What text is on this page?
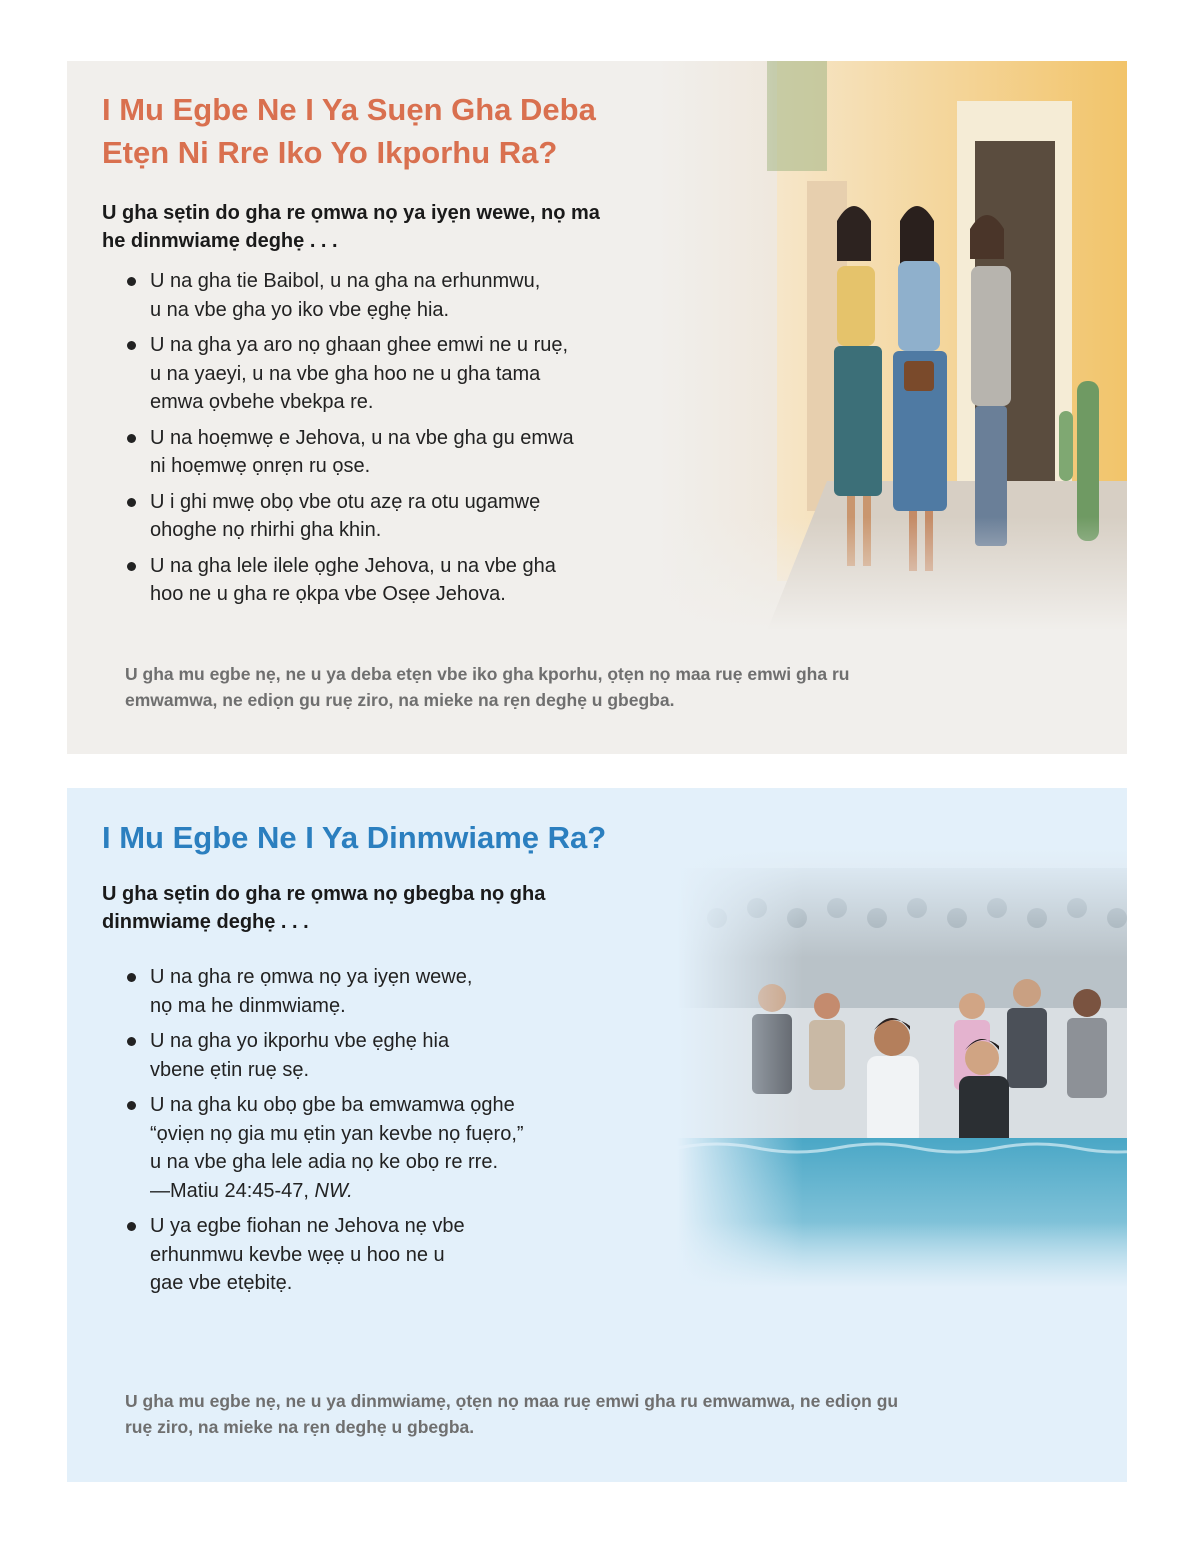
I Mu Egbe Ne I Ya Suẹn Gha Deba Etẹn Ni Rre Iko Yo Ikporhu Ra?

U gha sẹtin do gha re ọmwa nọ ya iyẹn wewe, nọ ma he dinmwiamẹ deghẹ . . .

U na gha tie Baibol, u na gha na erhunmwu,
u na vbe gha yo iko vbe ẹghẹ hia.
U na gha ya aro nọ ghaan ghee emwi ne u ruẹ,
u na yaeyi, u na vbe gha hoo ne u gha tama
emwa ọvbehe vbekpa re.
U na hoẹmwẹ e Jehova, u na vbe gha gu emwa
ni hoẹmwẹ ọnrẹn ru ọse.
U i ghi mwẹ obọ vbe otu azẹ ra otu ugamwẹ
ohoghe nọ rhirhi gha khin.
U na gha lele ilele ọghe Jehova, u na vbe gha
hoo ne u gha re ọkpa vbe Osẹe Jehova.

U gha mu egbe nẹ, ne u ya deba etẹn vbe iko gha kporhu, ọtẹn nọ maa ruẹ emwi gha ru emwamwa, ne ediọn gu ruẹ ziro, na mieke na rẹn deghẹ u gbegba.

I Mu Egbe Ne I Ya Dinmwiamẹ Ra?

U gha sẹtin do gha re ọmwa nọ gbegba nọ gha dinmwiamẹ deghẹ . . .

U na gha re ọmwa nọ ya iyẹn wewe,
nọ ma he dinmwiamẹ.
U na gha yo ikporhu vbe ẹghẹ hia
vbene ẹtin ruẹ sẹ.
U na gha ku obọ gbe ba emwamwa ọghe
“ọviẹn nọ gia mu ẹtin yan kevbe nọ fuẹro,”
u na vbe gha lele adia nọ ke obọ re rre.
—Matiu 24:45-47, NW.
U ya egbe fiohan ne Jehova nẹ vbe
erhunmwu kevbe wẹẹ u hoo ne u
gae vbe etẹbitẹ.

U gha mu egbe nẹ, ne u ya dinmwiamẹ, ọtẹn nọ maa ruẹ emwi gha ru emwamwa, ne ediọn gu ruẹ ziro, na mieke na rẹn deghẹ u gbegba.
